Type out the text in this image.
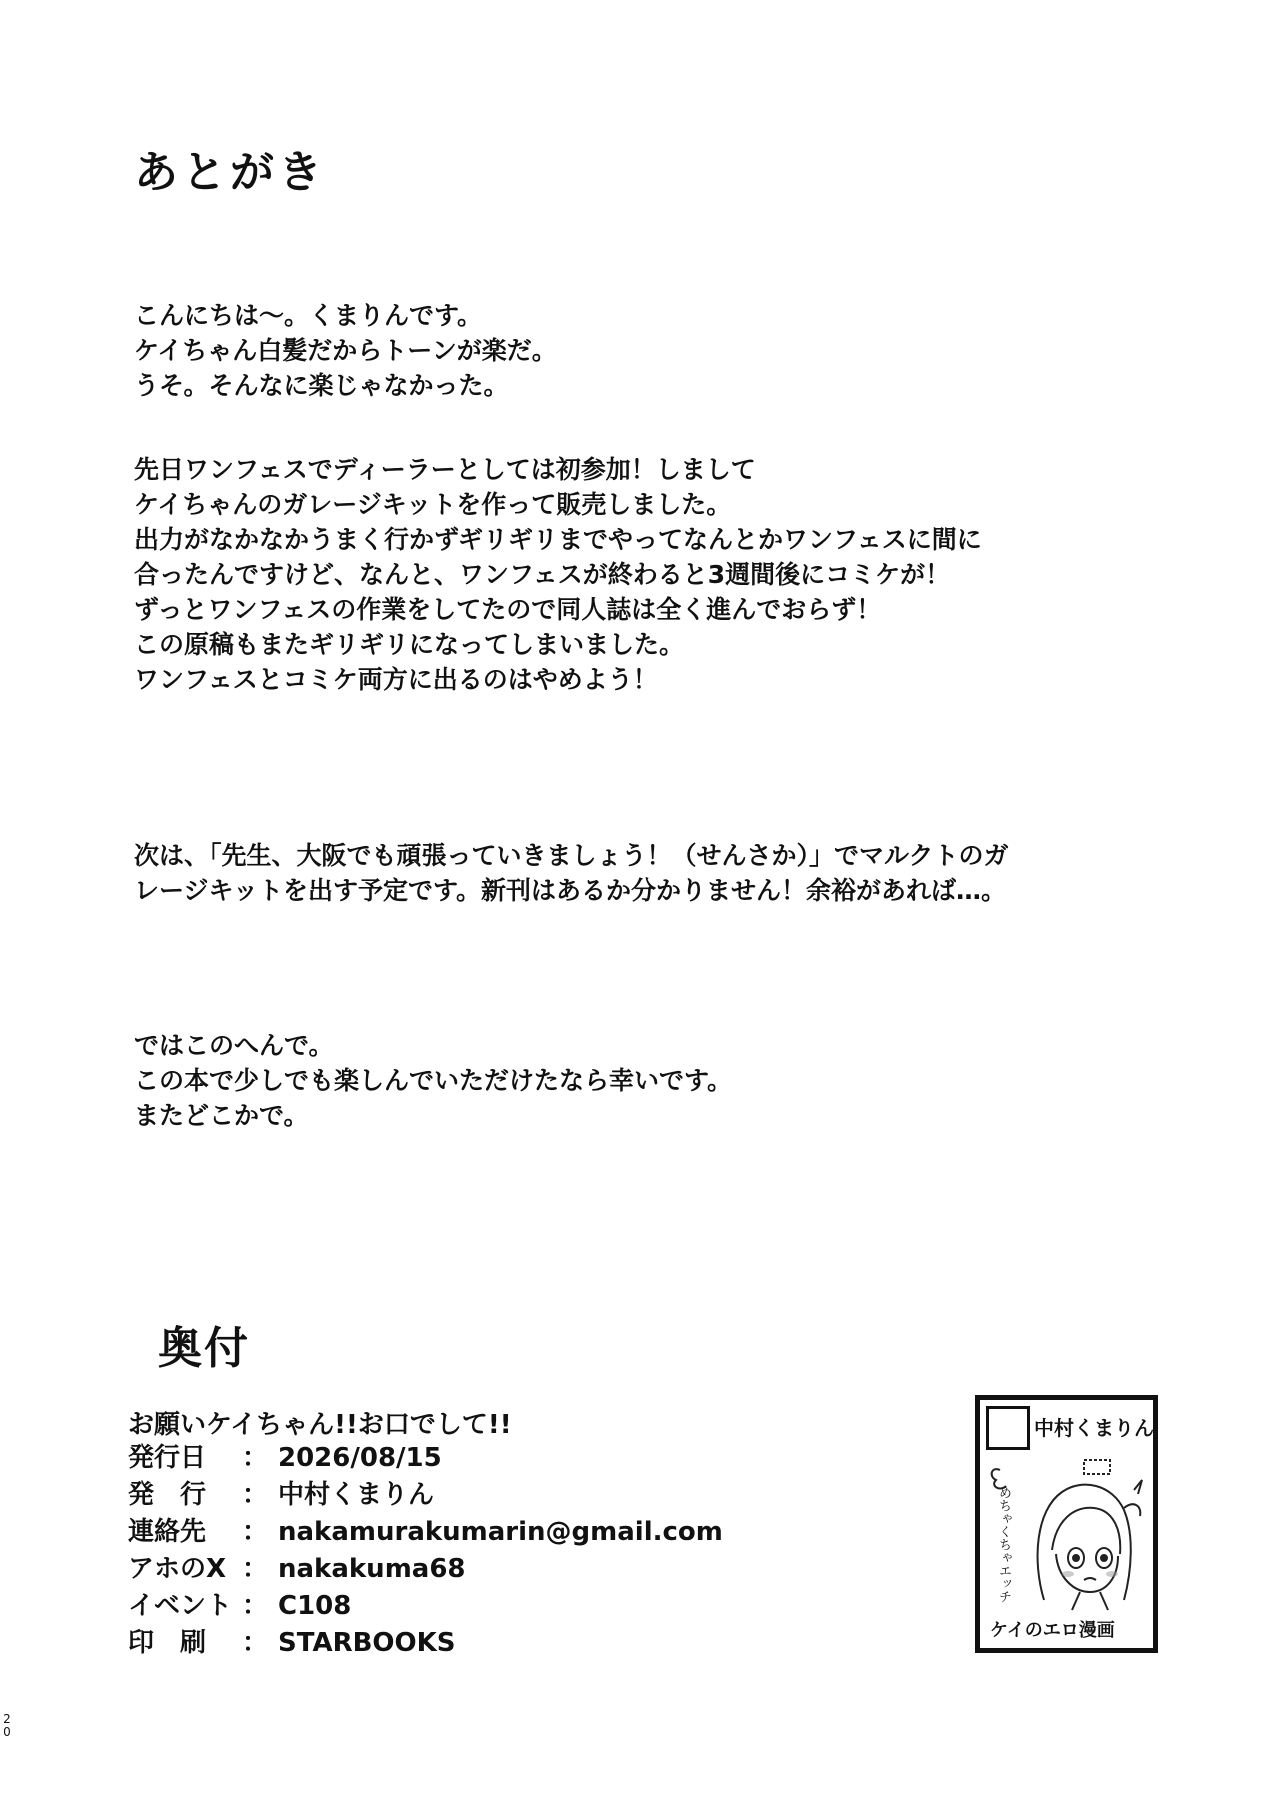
あとがき
こんにちは〜。くまりんです。
ケイちゃん白髪だからトーンが楽だ。
うそ。そんなに楽じゃなかった。
先日ワンフェスでディーラーとしては初参加！しまして
ケイちゃんのガレージキットを作って販売しました。
出力がなかなかうまく行かずギリギリまでやってなんとかワンフェスに間に
合ったんですけど、なんと、ワンフェスが終わると3週間後にコミケが！
ずっとワンフェスの作業をしてたので同人誌は全く進んでおらず！
この原稿もまたギリギリになってしまいました。
ワンフェスとコミケ両方に出るのはやめよう！
次は、「先生、大阪でも頑張っていきましょう！（せんさか）」でマルクトのガ
レージキットを出す予定です。新刊はあるか分かりません！余裕があれば…。
ではこのへんで。
この本で少しでも楽しんでいただけたなら幸いです。
またどこかで。
奥付
お願いケイちゃん!!お口でして!!
発行日	： 2026/08/15
発　行	： 中村くまりん
連絡先	： nakamurakumarin@gmail.com
アホのX ： nakakuma68
イベント ： C108
印　刷	： STARBOOKS
中村くまりん
めちゃくちゃエッチ
ケイのエロ漫画
2
0
